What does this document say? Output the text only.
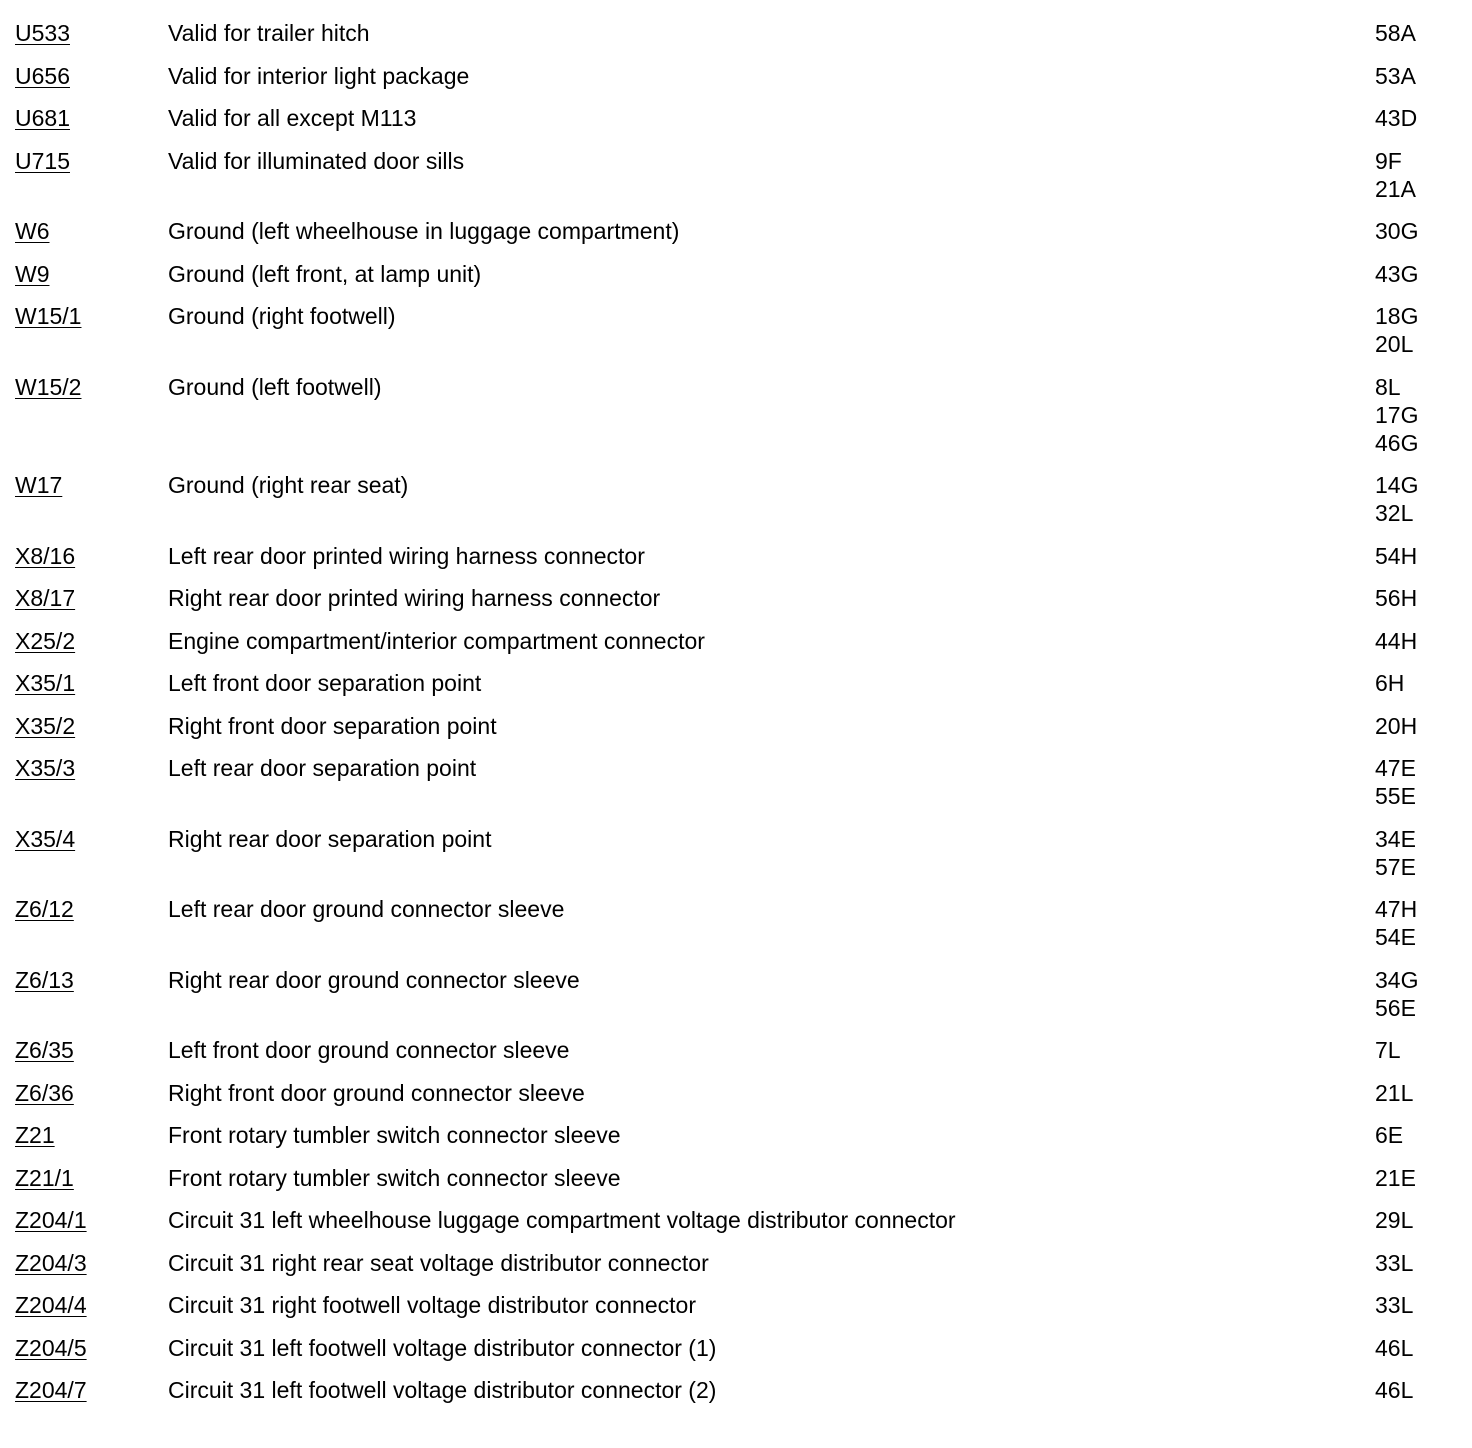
U533	Valid for trailer hitch	58A
U656	Valid for interior light package	53A
U681	Valid for all except M113	43D
U715	Valid for illuminated door sills	9F
21A
W6	Ground (left wheelhouse in luggage compartment)	30G
W9	Ground (left front, at lamp unit)	43G
W15/1	Ground (right footwell)	18G
20L
W15/2	Ground (left footwell)	8L
17G
46G
W17	Ground (right rear seat)	14G
32L
X8/16	Left rear door printed wiring harness connector	54H
X8/17	Right rear door printed wiring harness connector	56H
X25/2	Engine compartment/interior compartment connector	44H
X35/1	Left front door separation point	6H
X35/2	Right front door separation point	20H
X35/3	Left rear door separation point	47E
55E
X35/4	Right rear door separation point	34E
57E
Z6/12	Left rear door ground connector sleeve	47H
54E
Z6/13	Right rear door ground connector sleeve	34G
56E
Z6/35	Left front door ground connector sleeve	7L
Z6/36	Right front door ground connector sleeve	21L
Z21	Front rotary tumbler switch connector sleeve	6E
Z21/1	Front rotary tumbler switch connector sleeve	21E
Z204/1	Circuit 31 left wheelhouse luggage compartment voltage distributor connector	29L
Z204/3	Circuit 31 right rear seat voltage distributor connector	33L
Z204/4	Circuit 31 right footwell voltage distributor connector	33L
Z204/5	Circuit 31 left footwell voltage distributor connector (1)	46L
Z204/7	Circuit 31 left footwell voltage distributor connector (2)	46L
